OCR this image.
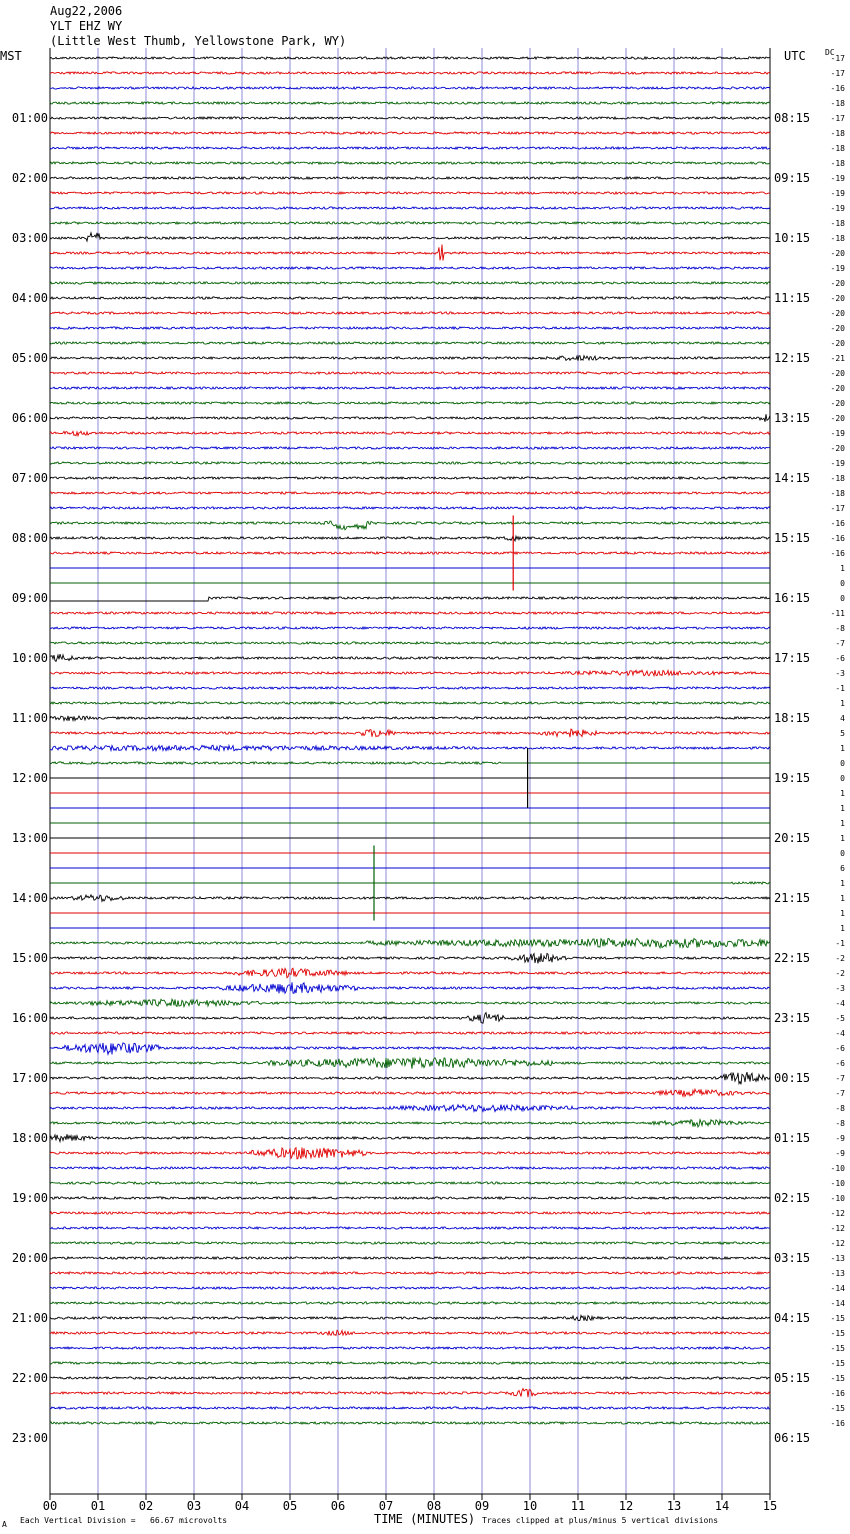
Aug22,2006
YLT EHZ WY
(Little West Thumb, Yellowstone Park, WY)
MST	UTC DC
00	01	02	03	04	05	06	07	08	09	10	11	12	13	14	15
-17
-17
-16
-18
-17
-18
-18
-18
-19
-19
-19
-18
-18
-20
-19
-20
-20
-20
-20
-20
-21
-20
-20
-20
-20
-19
-20
-19
-18
-18
-17
-16
-16
-16
1
0
0
-11
-8
-7
-6
-3
-1
1
4
5
1
0
0
1
1
1
1
0
6
1
1
1
1
-1
-2
-2
-3
-4
-5
-4
-6
-6
-7
-7
-8
-8
-9
-9
-10
-10
-10
-12
-12
-12
-13
-13
-14
-14
-15
-15
-15
-15
-15
-16
-15
-16
01:00	08:15
02:00	09:15
03:00	10:15
04:00	11:15
05:00	12:15
06:00	13:15
07:00	14:15
08:00	15:15
09:00	16:15
10:00	17:15
11:00	18:15
12:00	19:15
13:00	20:15
14:00	21:15
15:00	22:15
16:00	23:15
17:00	00:15
18:00	01:15
19:00	02:15
20:00	03:15
21:00	04:15
22:00	05:15
23:00	06:15
Each Vertical Division =   66.67 microvolts	TIME (MINUTES) Traces clipped at plus/minus 5 vertical divisions
A
